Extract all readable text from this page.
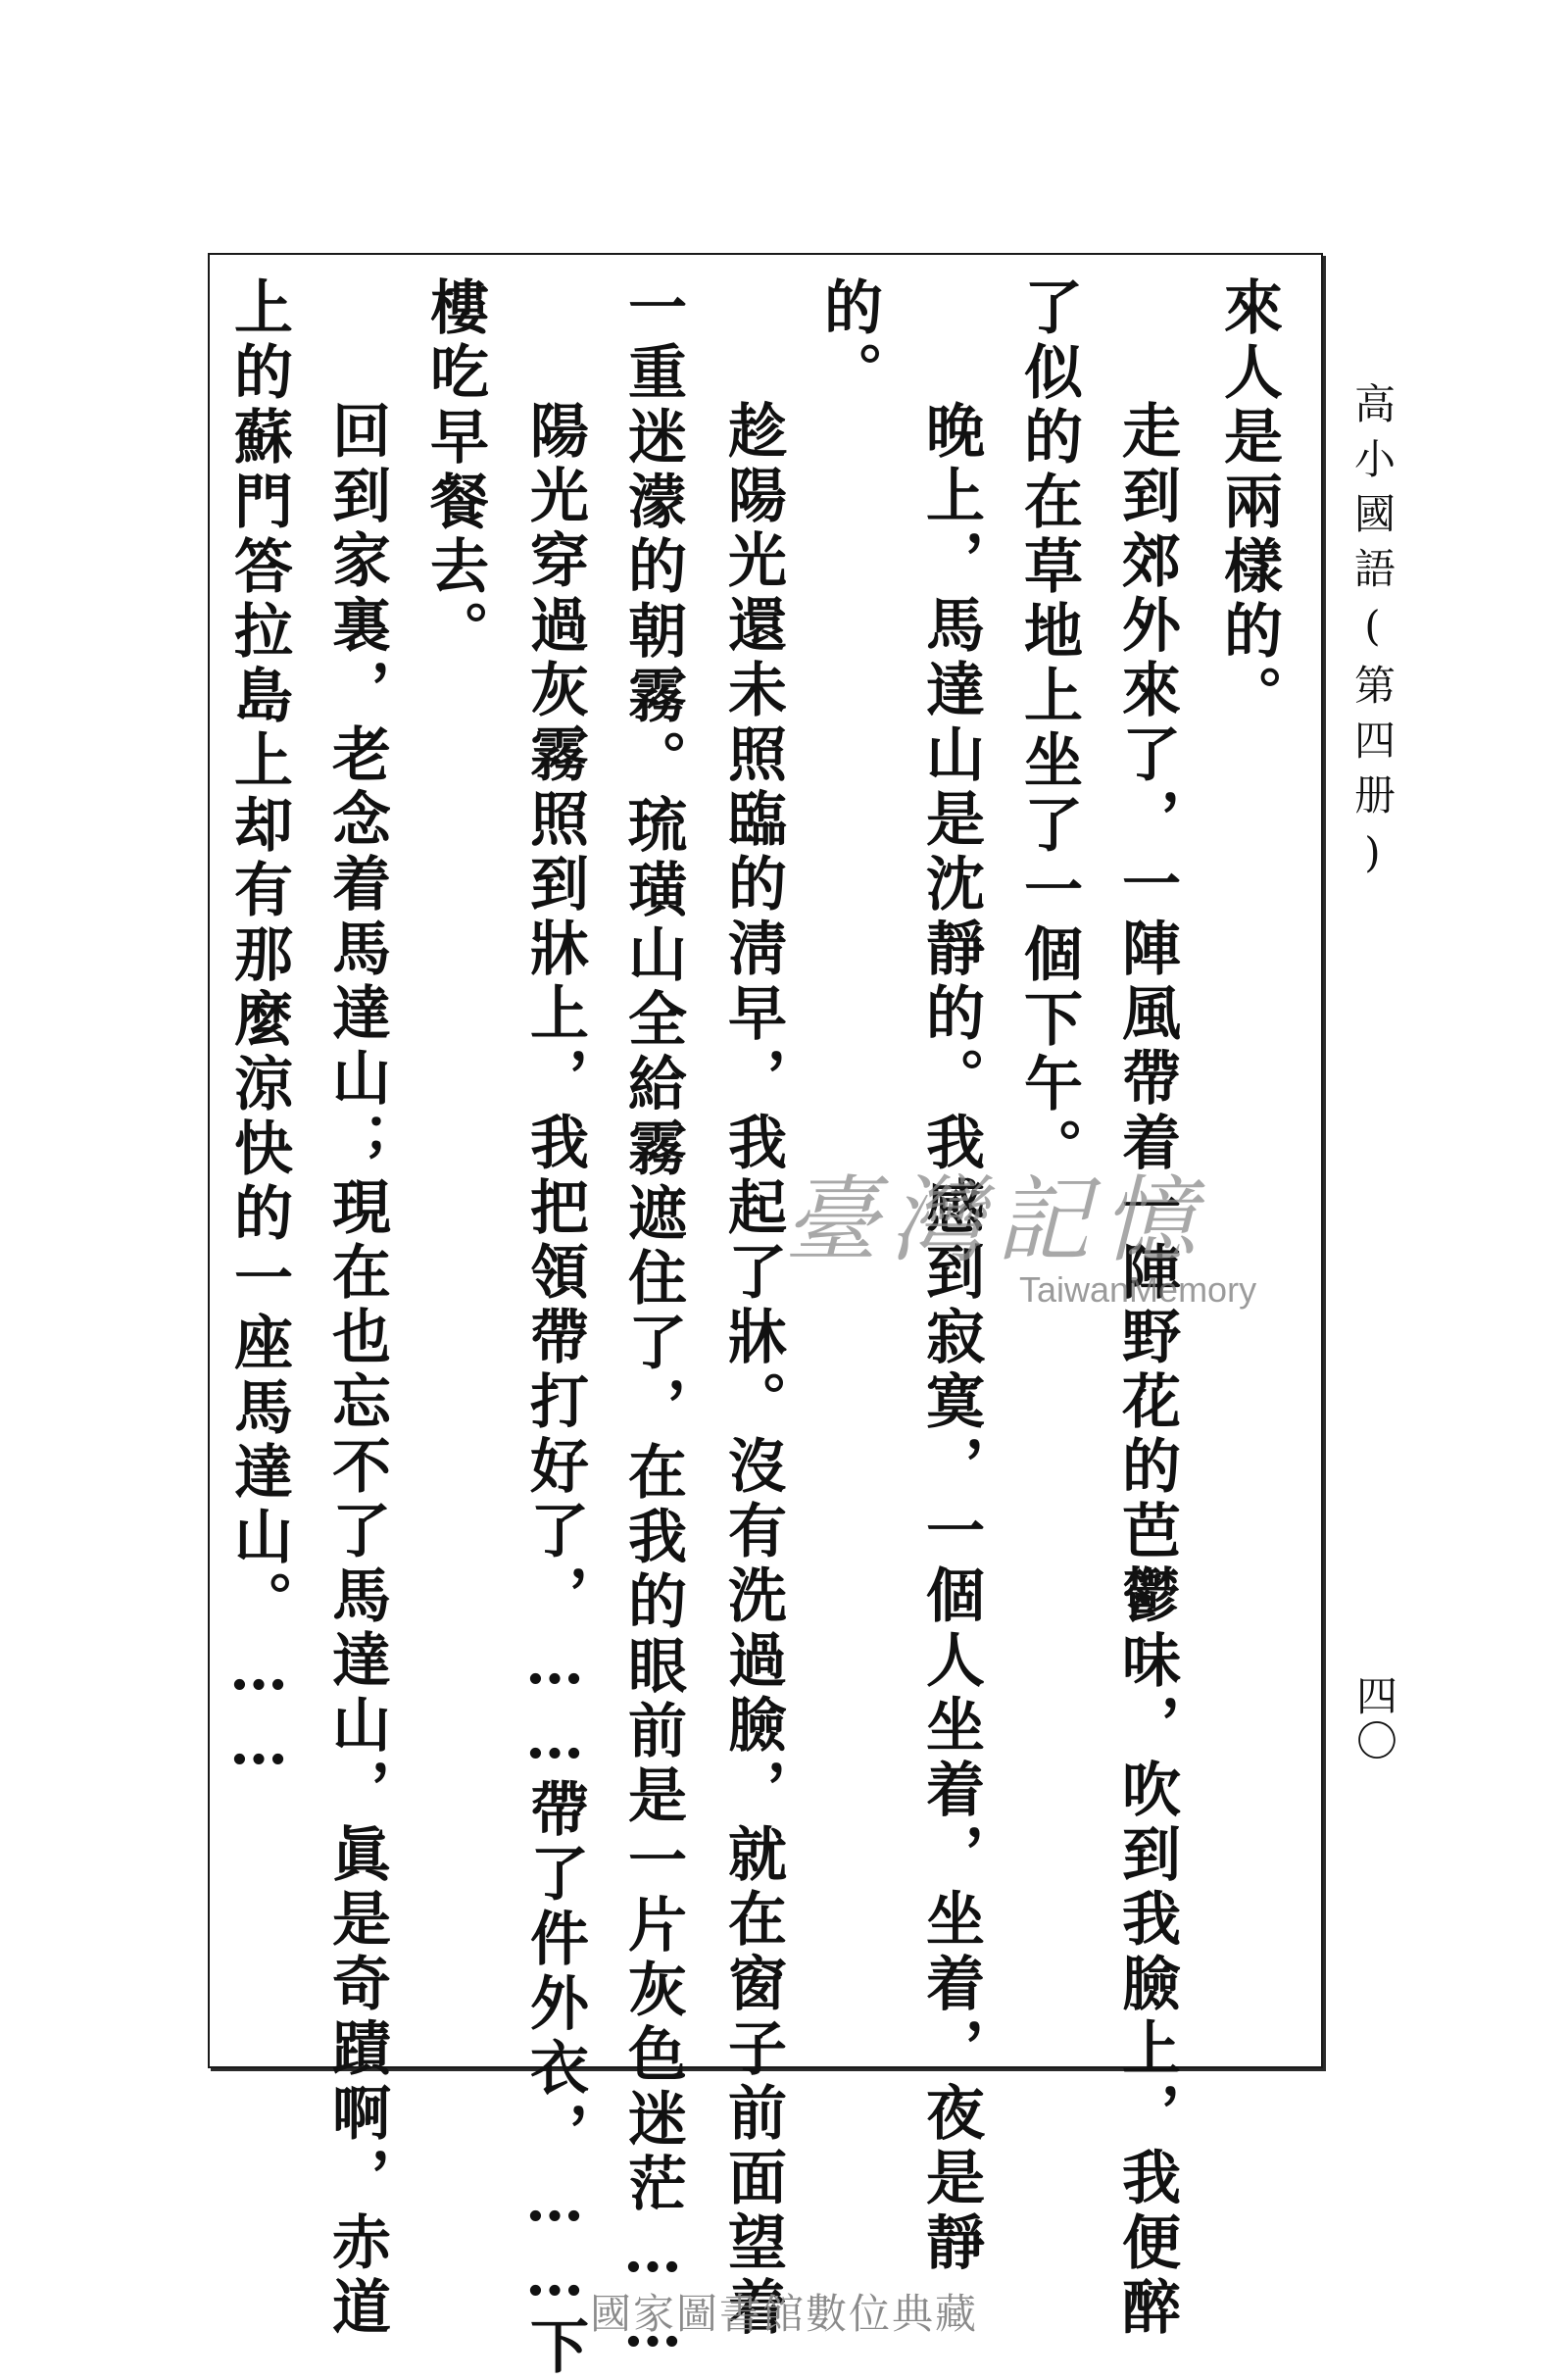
高小國語(第四册)
四〇
來人是兩樣的。
走到郊外來了，一陣風帶着一陣野花的芭鬱味，吹到我臉上，我便醉
了似的在草地上坐了一個下午。
晚上，馬達山是沈靜的。我感到寂寞，一個人坐着，坐着，夜是靜
的。
趁陽光還未照臨的淸早，我起了牀。沒有洗過臉，就在窗子前面望着
一重迷濛的朝霧。琉璜山全給霧遮住了，在我的眼前是一片灰色迷茫……
陽光穿過灰霧照到牀上，我把領帶打好了，……帶了件外衣，……下
樓吃早餐去。
回到家裏，老念着馬達山；現在也忘不了馬達山，眞是奇蹟啊，赤道
上的蘇門答拉島上却有那麼涼快的一座馬達山。……	臺灣記憶
TaiwanMemory
國家圖書館數位典藏
